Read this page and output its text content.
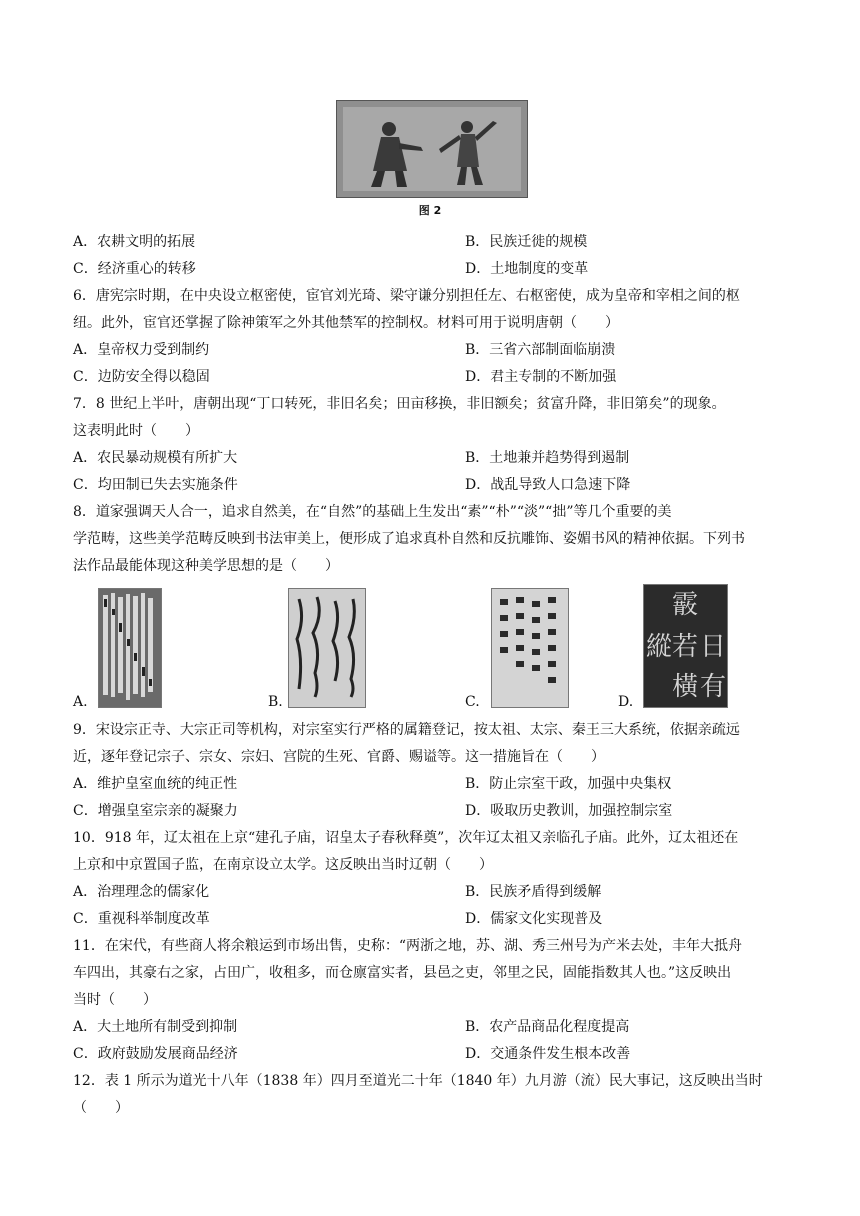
图 2
A．农耕文明的拓展	B．民族迁徙的规模
C．经济重心的转移	D．土地制度的变革
6．唐宪宗时期，在中央设立枢密使，宦官刘光琦、梁守谦分别担任左、右枢密使，成为皇帝和宰相之间的枢
纽。此外，宦官还掌握了除神策军之外其他禁军的控制权。材料可用于说明唐朝（　　）
A．皇帝权力受到制约	B．三省六部制面临崩溃
C．边防安全得以稳固	D．君主专制的不断加强
7．8 世纪上半叶，唐朝出现“丁口转死，非旧名矣；田亩移换，非旧额矣；贫富升降，非旧第矣”的现象。
这表明此时（　　）
A．农民暴动规模有所扩大	B．土地兼并趋势得到遏制
C．均田制已失去实施条件	D．战乱导致人口急速下降
8．道家强调天人合一，追求自然美，在“自然”的基础上生发出“素”“朴”“淡”“拙”等几个重要的美
学范畴，这些美学范畴反映到书法审美上，便形成了追求真朴自然和反抗雕饰、姿媚书风的精神依据。下列书
法作品最能体现这种美学思想的是（　　）
A.	B.	C.	D.
霰
若 日
縱
橫 有
9．宋设宗正寺、大宗正司等机构，对宗室实行严格的属籍登记，按太祖、太宗、秦王三大系统，依据亲疏远
近，逐年登记宗子、宗女、宗妇、宫院的生死、官爵、赐谥等。这一措施旨在（　　）
A．维护皇室血统的纯正性	B．防止宗室干政，加强中央集权
C．增强皇室宗亲的凝聚力	D．吸取历史教训，加强控制宗室
10．918 年，辽太祖在上京“建孔子庙，诏皇太子春秋释奠”，次年辽太祖又亲临孔子庙。此外，辽太祖还在
上京和中京置国子监，在南京设立太学。这反映出当时辽朝（　　）
A．治理理念的儒家化	B．民族矛盾得到缓解
C．重视科举制度改革	D．儒家文化实现普及
11．在宋代，有些商人将余粮运到市场出售，史称：“两浙之地，苏、湖、秀三州号为产米去处，丰年大抵舟
车四出，其豪右之家，占田广，收租多，而仓廪富实者，县邑之吏，邻里之民，固能指数其人也。”这反映出
当时（　　）
A．大土地所有制受到抑制	B．农产品商品化程度提高
C．政府鼓励发展商品经济	D．交通条件发生根本改善
12．表 1 所示为道光十八年（1838 年）四月至道光二十年（1840 年）九月游（流）民大事记，这反映出当时
（　　）
